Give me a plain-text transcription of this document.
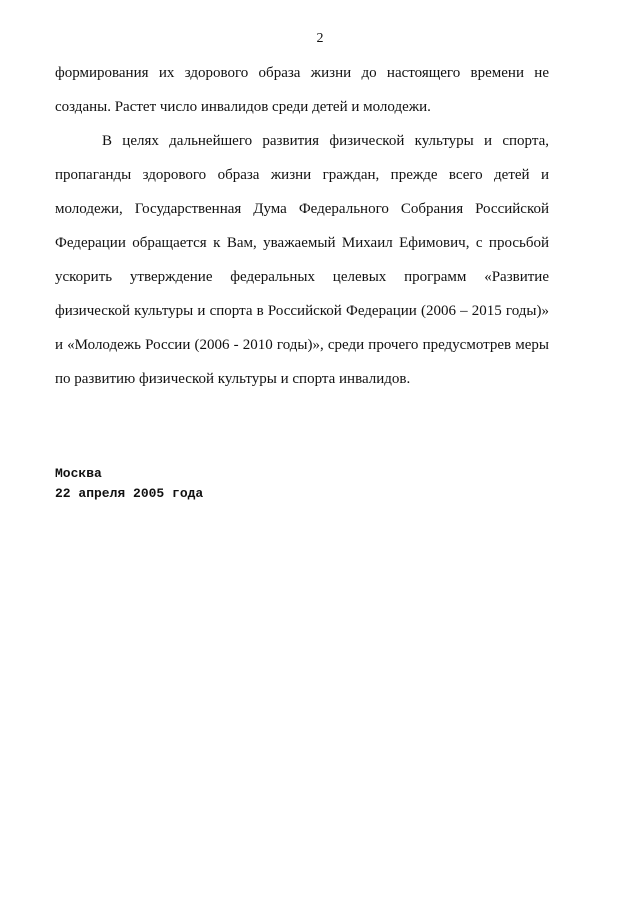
2
формирования их здорового образа жизни до настоящего времени не
созданы. Растет число инвалидов среди детей и молодежи.
В целях дальнейшего развития физической культуры и спорта,
пропаганды здорового образа жизни граждан, прежде всего детей и
молодежи, Государственная Дума Федерального Собрания Российской
Федерации обращается к Вам, уважаемый Михаил Ефимович, с просьбой
ускорить утверждение федеральных целевых программ «Развитие
физической культуры и спорта в Российской Федерации (2006 – 2015 годы)»
и «Молодежь России (2006 - 2010 годы)», среди прочего предусмотрев меры
по развитию физической культуры и спорта инвалидов.
Москва
22 апреля 2005 года
